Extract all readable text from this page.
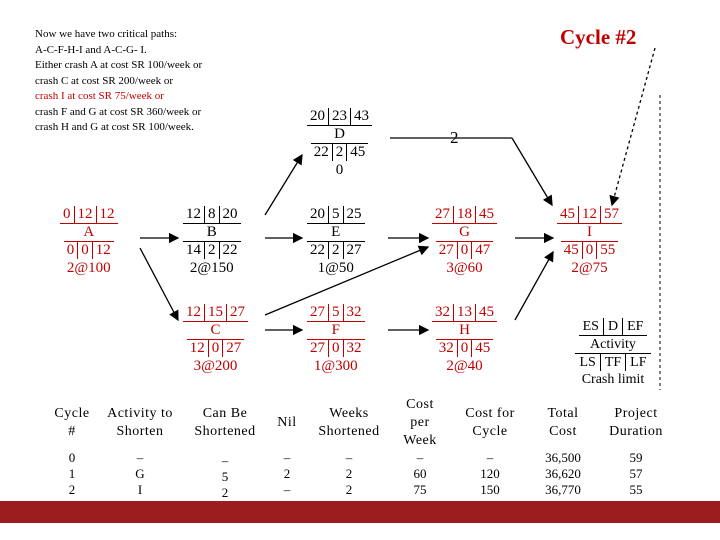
Now we have two critical paths:
A-C-F-H-I and A-C-G- I.
Either crash A at cost SR 100/week or
crash C at cost SR 200/week or
crash I at cost SR 75/week or
crash F and G at cost SR 360/week or
crash H and G at cost SR 100/week.
Cycle #2
2
0 12 12
A
0 0 12
2@100
12 8 20
B
14 2 22
2@150
12 15 27
C
12 0 27
3@200
20 23 43
D
22 2 45
0
20 5 25
E
22 2 27
1@50
27 5 32
F
27 0 32
1@300
27 18 45
G
27 0 47
3@60
32 13 45
H
32 0 45
2@40
45 12 57
I
45 0 55
2@75
ES D EF
Activity
LS TF LF
Crash limit
Cycle
#
Activity to
Shorten
Can Be
Shortened
Nil
Weeks
Shortened
Cost
per
Week
Cost for
Cycle
Total
Cost
Project
Duration
0	–	–	–	–	–	–	36,500	59
1	G	5	2	2	60	120	36,620	57
2	I	2	–	2	75	150	36,770	55
